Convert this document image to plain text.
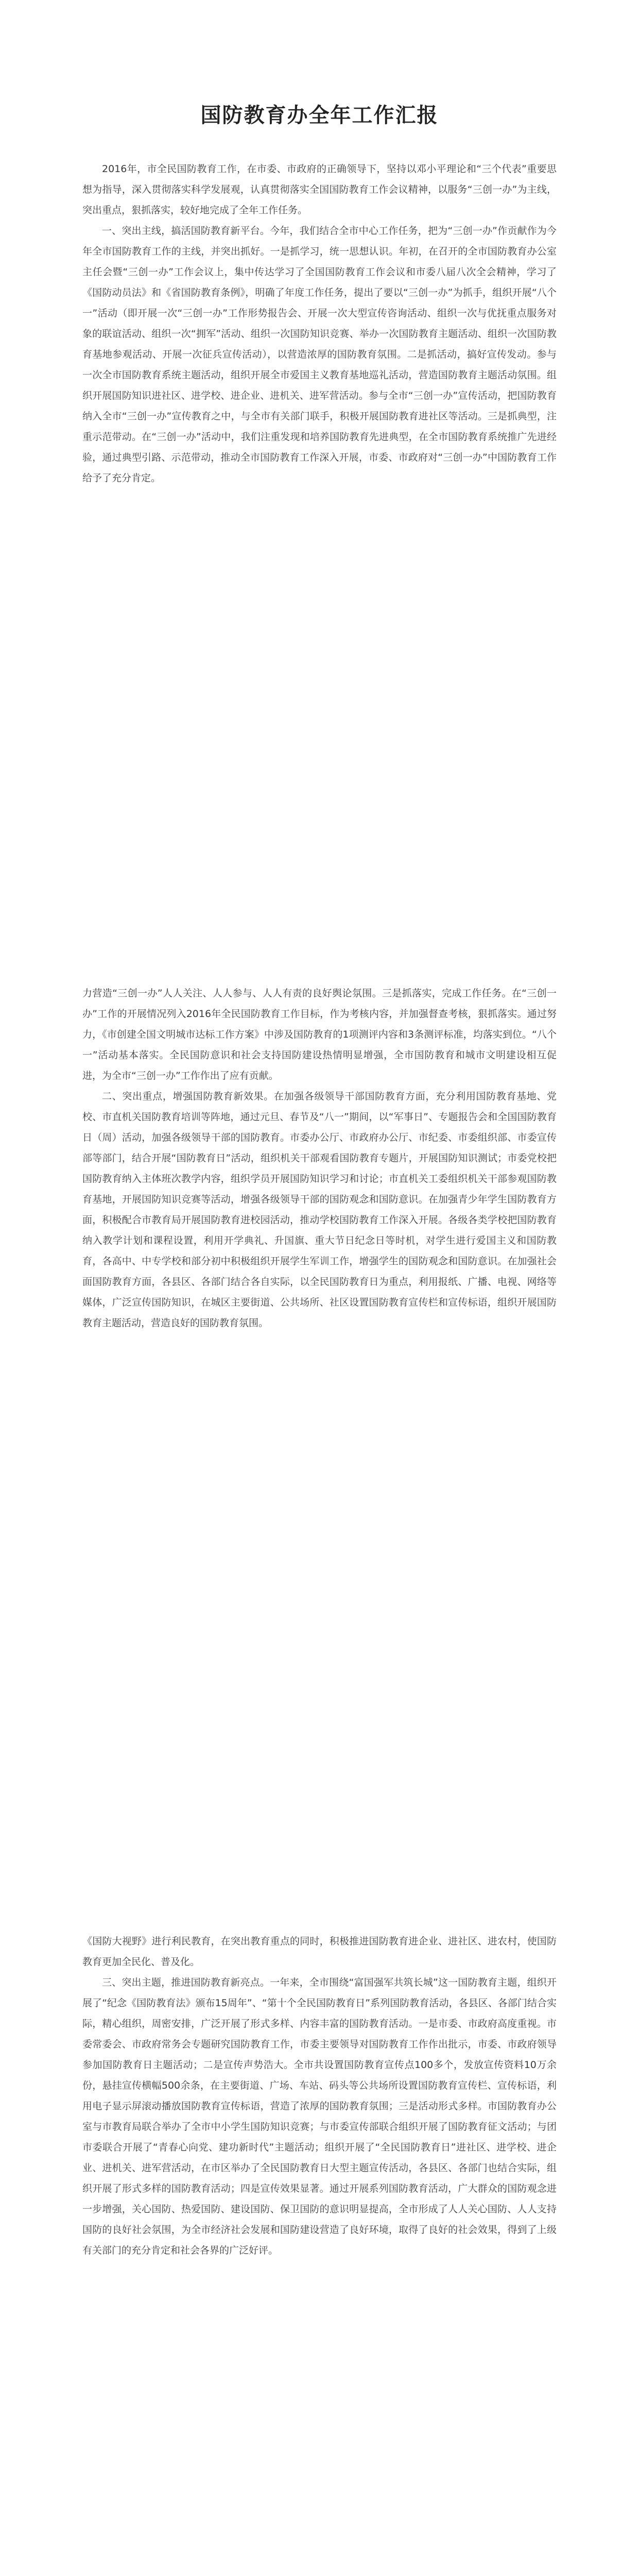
国防教育办全年工作汇报

2016年，市全民国防教育工作，在市委、市政府的正确领导下，坚持以邓小平理论和“三个代表”重要思想为指导，深入贯彻落实科学发展观，认真贯彻落实全国国防教育工作会议精神，以服务“三创一办”为主线，突出重点，狠抓落实，较好地完成了全年工作任务。

一、突出主线，搞活国防教育新平台。今年，我们结合全市中心工作任务，把为“三创一办”作贡献作为今年全市国防教育工作的主线，并突出抓好。一是抓学习，统一思想认识。年初，在召开的全市国防教育办公室主任会暨“三创一办”工作会议上，集中传达学习了全国国防教育工作会议和市委八届八次全会精神，学习了《国防动员法》和《省国防教育条例》，明确了年度工作任务，提出了要以“三创一办”为抓手，组织开展“八个一”活动（即开展一次“三创一办”工作形势报告会、开展一次大型宣传咨询活动、组织一次与优抚重点服务对象的联谊活动、组织一次“拥军”活动、组织一次国防知识竞赛、举办一次国防教育主题活动、组织一次国防教育基地参观活动、开展一次征兵宣传活动），以营造浓厚的国防教育氛围。二是抓活动，搞好宣传发动。参与一次全市国防教育系统主题活动，组织开展全市爱国主义教育基地巡礼活动，营造国防教育主题活动氛围。组织开展国防知识进社区、进学校、进企业、进机关、进军营活动。参与全市“三创一办”宣传活动，把国防教育纳入全市“三创一办”宣传教育之中，与全市有关部门联手，积极开展国防教育进社区等活动。三是抓典型，注重示范带动。在“三创一办”活动中，我们注重发现和培养国防教育先进典型，在全市国防教育系统推广先进经验，通过典型引路、示范带动，推动全市国防教育工作深入开展，市委、市政府对“三创一办”中国防教育工作给予了充分肯定。

力营造“三创一办”人人关注、人人参与、人人有责的良好舆论氛围。三是抓落实，完成工作任务。在“三创一办”工作的开展情况列入2016年全民国防教育工作目标，作为考核内容，并加强督查考核，狠抓落实。通过努力，《市创建全国文明城市达标工作方案》中涉及国防教育的1项测评内容和3条测评标准，均落实到位。“八个一”活动基本落实。全民国防意识和社会支持国防建设热情明显增强，全市国防教育和城市文明建设相互促进，为全市“三创一办”工作作出了应有贡献。

二、突出重点，增强国防教育新效果。在加强各级领导干部国防教育方面，充分利用国防教育基地、党校、市直机关国防教育培训等阵地，通过元旦、春节及“八一”期间，以“军事日”、专题报告会和全国国防教育日（周）活动，加强各级领导干部的国防教育。市委办公厅、市政府办公厅、市纪委、市委组织部、市委宣传部等部门，结合开展“国防教育日”活动，组织机关干部观看国防教育专题片，开展国防知识测试；市委党校把国防教育纳入主体班次教学内容，组织学员开展国防知识学习和讨论；市直机关工委组织机关干部参观国防教育基地，开展国防知识竞赛等活动，增强各级领导干部的国防观念和国防意识。在加强青少年学生国防教育方面，积极配合市教育局开展国防教育进校园活动，推动学校国防教育工作深入开展。各级各类学校把国防教育纳入教学计划和课程设置，利用开学典礼、升国旗、重大节日纪念日等时机，对学生进行爱国主义和国防教育，各高中、中专学校和部分初中积极组织开展学生军训工作，增强学生的国防观念和国防意识。在加强社会面国防教育方面，各县区、各部门结合各自实际，以全民国防教育日为重点，利用报纸、广播、电视、网络等媒体，广泛宣传国防知识，在城区主要街道、公共场所、社区设置国防教育宣传栏和宣传标语，组织开展国防教育主题活动，营造良好的国防教育氛围。

《国防大视野》进行利民教育，在突出教育重点的同时，积极推进国防教育进企业、进社区、进农村，使国防教育更加全民化、普及化。

三、突出主题，推进国防教育新亮点。一年来，全市围绕“富国强军共筑长城”这一国防教育主题，组织开展了“纪念《国防教育法》颁布15周年”、“第十个全民国防教育日”系列国防教育活动，各县区、各部门结合实际，精心组织，周密安排，广泛开展了形式多样、内容丰富的国防教育活动。一是市委、市政府高度重视。市委常委会、市政府常务会专题研究国防教育工作，市委主要领导对国防教育工作作出批示，市委、市政府领导参加国防教育日主题活动；二是宣传声势浩大。全市共设置国防教育宣传点100多个，发放宣传资料10万余份，悬挂宣传横幅500余条，在主要街道、广场、车站、码头等公共场所设置国防教育宣传栏、宣传标语，利用电子显示屏滚动播放国防教育宣传标语，营造了浓厚的国防教育氛围；三是活动形式多样。市国防教育办公室与市教育局联合举办了全市中小学生国防知识竞赛；与市委宣传部联合组织开展了国防教育征文活动；与团市委联合开展了“青春心向党、建功新时代”主题活动；组织开展了“全民国防教育日”进社区、进学校、进企业、进机关、进军营活动，在市区举办了全民国防教育日大型主题宣传活动，各县区、各部门也结合实际，组织开展了形式多样的国防教育活动；四是宣传效果显著。通过开展系列国防教育活动，广大群众的国防观念进一步增强，关心国防、热爱国防、建设国防、保卫国防的意识明显提高，全市形成了人人关心国防、人人支持国防的良好社会氛围，为全市经济社会发展和国防建设营造了良好环境，取得了良好的社会效果，得到了上级有关部门的充分肯定和社会各界的广泛好评。
